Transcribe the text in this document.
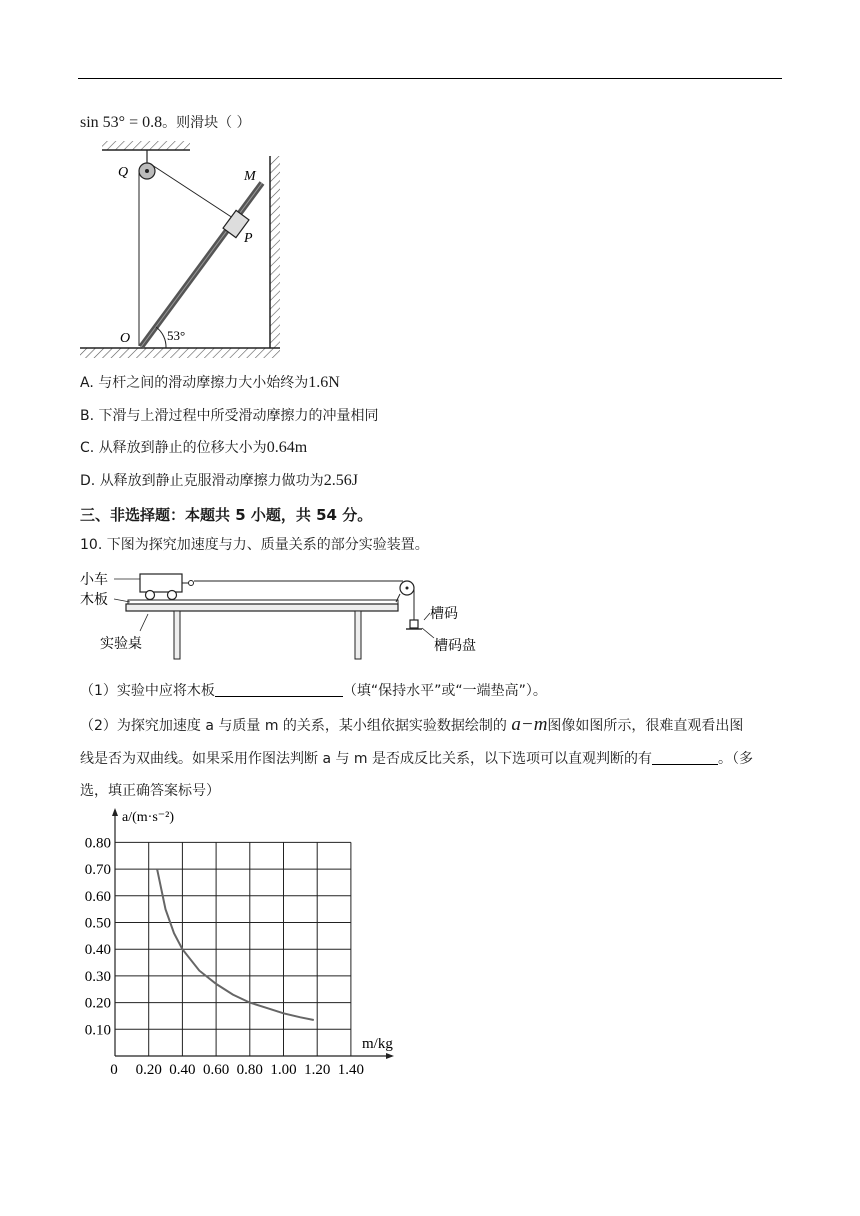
sin 53° = 0.8。则滑块（ ）
Q	M
P
O	53°
A. 与杆之间的滑动摩擦力大小始终为1.6N
B. 下滑与上滑过程中所受滑动摩擦力的冲量相同
C. 从释放到静止的位移大小为0.64m
D. 从释放到静止克服滑动摩擦力做功为2.56J
三、非选择题：本题共 5 小题，共 54 分。
10. 下图为探究加速度与力、质量关系的部分实验装置。
小车
木板
实验桌
槽码
槽码盘
（1）实验中应将木板	（填“保持水平”或“一端垫高”）。
（2）为探究加速度 a 与质量 m 的关系，某小组依据实验数据绘制的 a−m图像如图所示，很难直观看出图
线是否为双曲线。如果采用作图法判断 a 与 m 是否成反比关系，以下选项可以直观判断的有	。（多
选，填正确答案标号）
0.10
0.20
0.30
0.40
0.50
0.60
0.70
0.80
0 0.20 0.40 0.60 0.80 1.00 1.20 1.40
a/(m·s⁻²)
m/kg
